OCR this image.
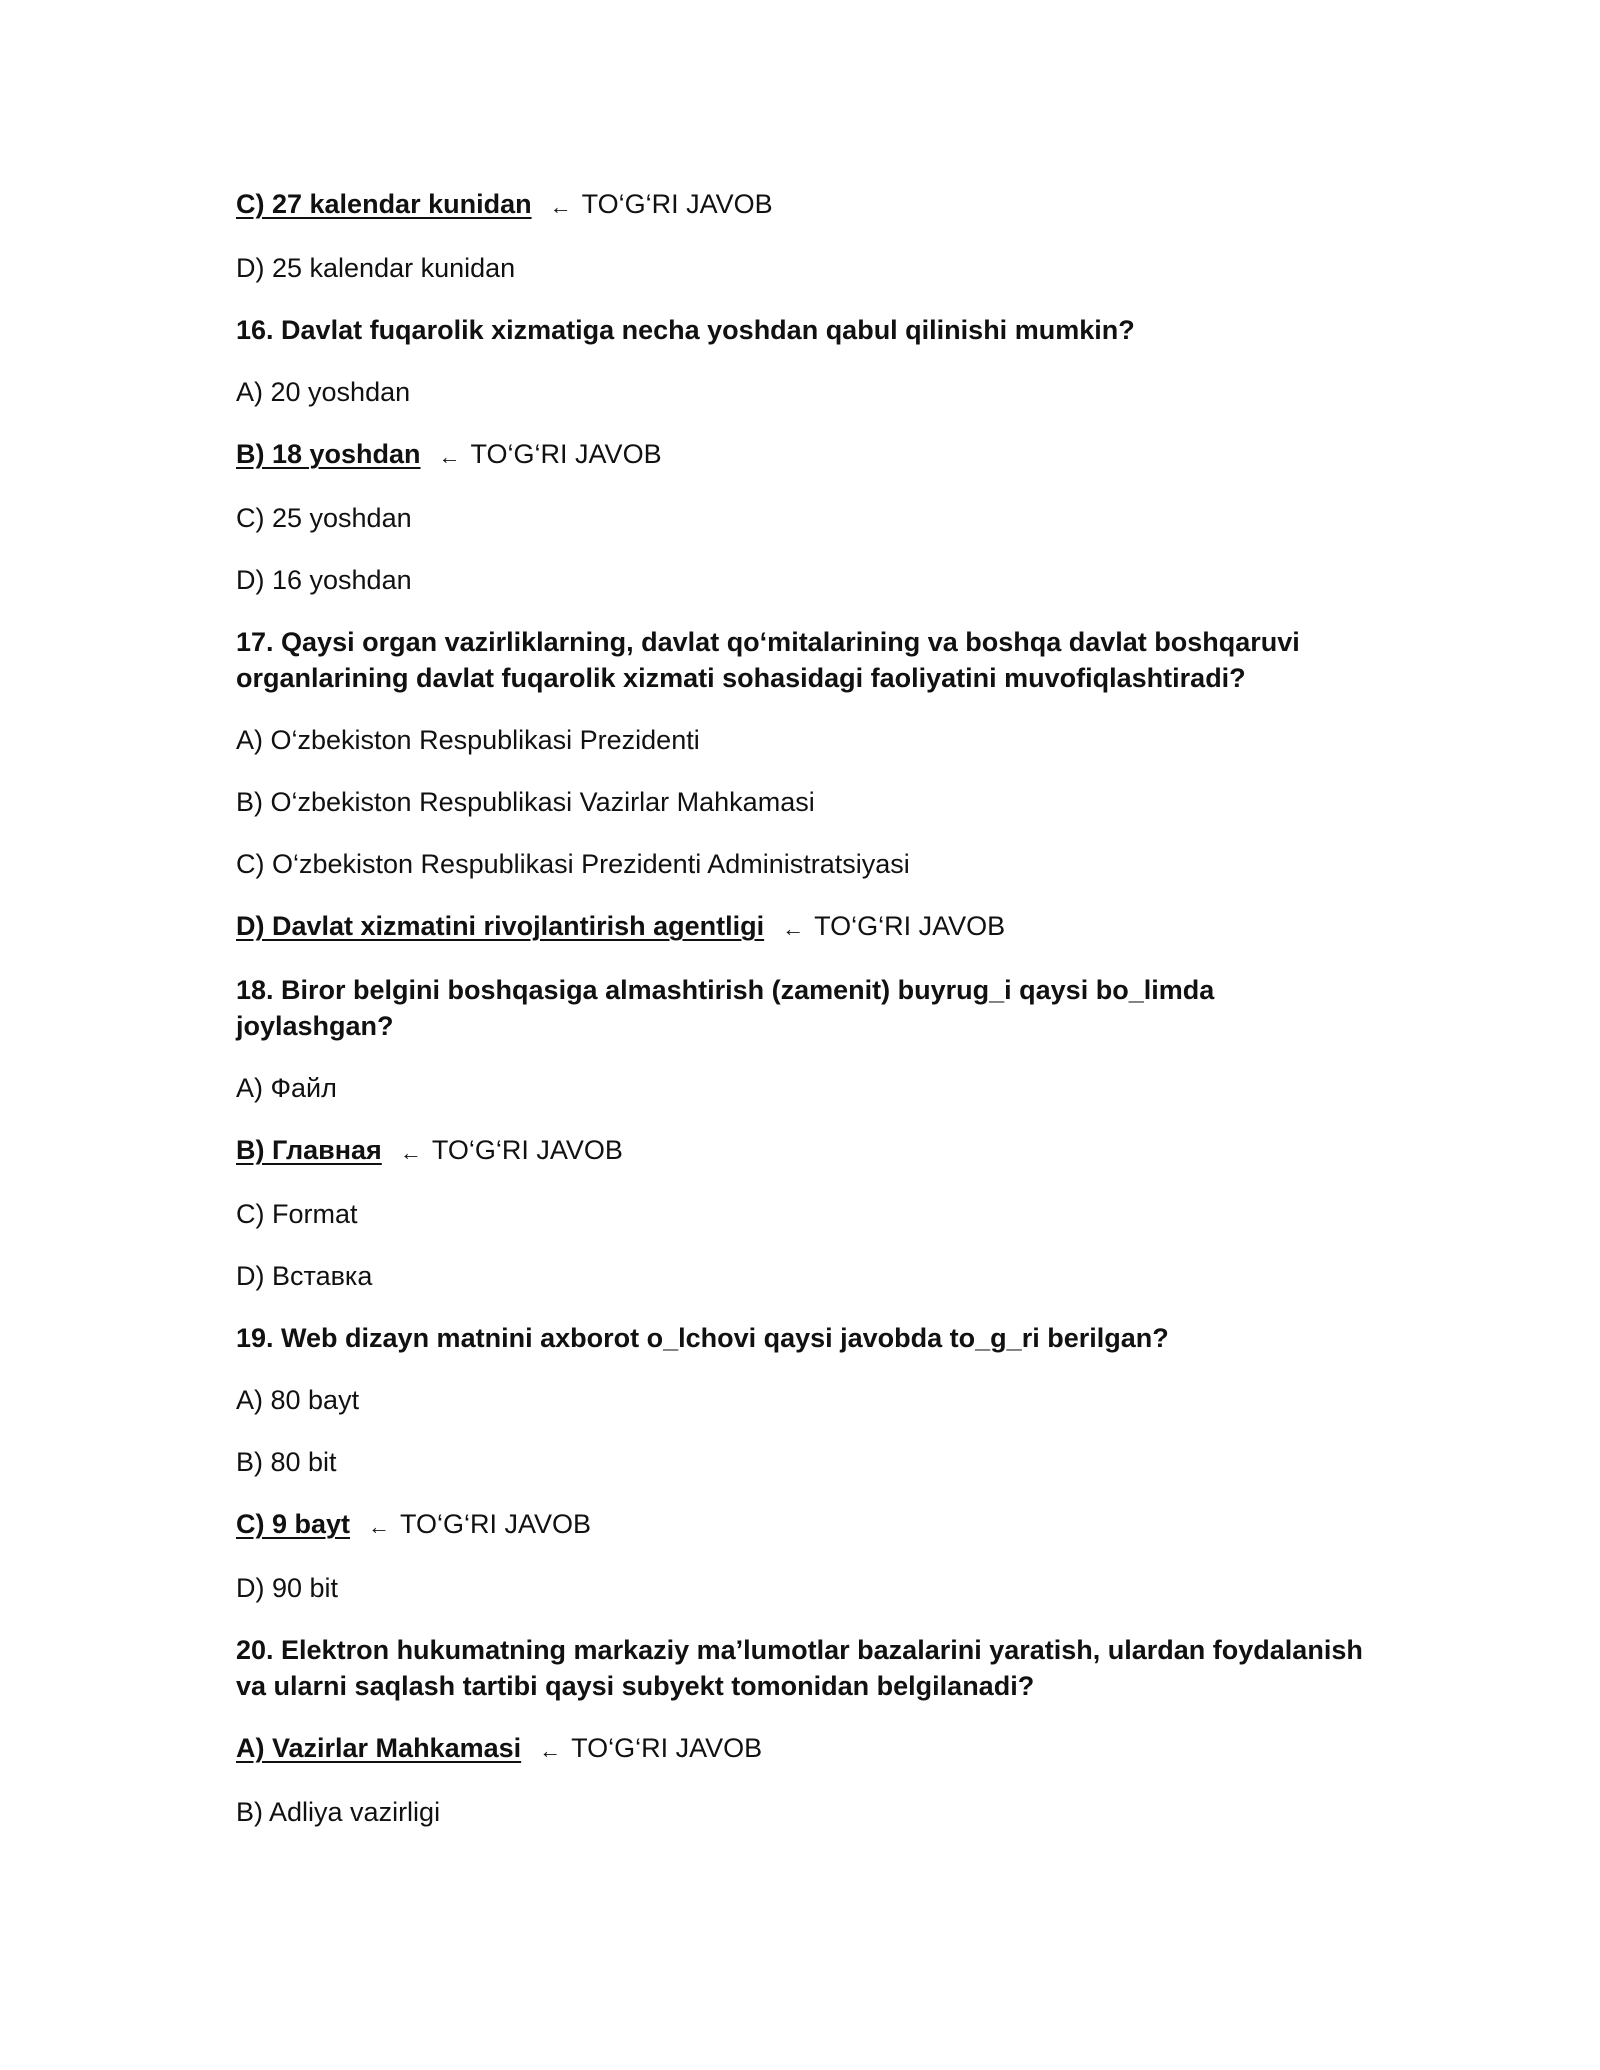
C) 27 kalendar kunidan ← TO‘G‘RI JAVOB
D) 25 kalendar kunidan
16. Davlat fuqarolik xizmatiga necha yoshdan qabul qilinishi mumkin?
A) 20 yoshdan
B) 18 yoshdan ← TO‘G‘RI JAVOB
C) 25 yoshdan
D) 16 yoshdan
17. Qaysi organ vazirliklarning, davlat qo‘mitalarining va boshqa davlat boshqaruvi organlarining davlat fuqarolik xizmati sohasidagi faoliyatini muvofiqlashtiradi?
A) O‘zbekiston Respublikasi Prezidenti
B) O‘zbekiston Respublikasi Vazirlar Mahkamasi
C) O‘zbekiston Respublikasi Prezidenti Administratsiyasi
D) Davlat xizmatini rivojlantirish agentligi ← TO‘G‘RI JAVOB
18. Biror belgini boshqasiga almashtirish (zamenit) buyrug_i qaysi bo_limda joylashgan?
A) Файл
B) Главная ← TO‘G‘RI JAVOB
C) Format
D) Вставка
19. Web dizayn matnini axborot o_lchovi qaysi javobda to_g_ri berilgan?
A) 80 bayt
B) 80 bit
C) 9 bayt ← TO‘G‘RI JAVOB
D) 90 bit
20. Elektron hukumatning markaziy ma’lumotlar bazalarini yaratish, ulardan foydalanish va ularni saqlash tartibi qaysi subyekt tomonidan belgilanadi?
A) Vazirlar Mahkamasi ← TO‘G‘RI JAVOB
B) Adliya vazirligi
